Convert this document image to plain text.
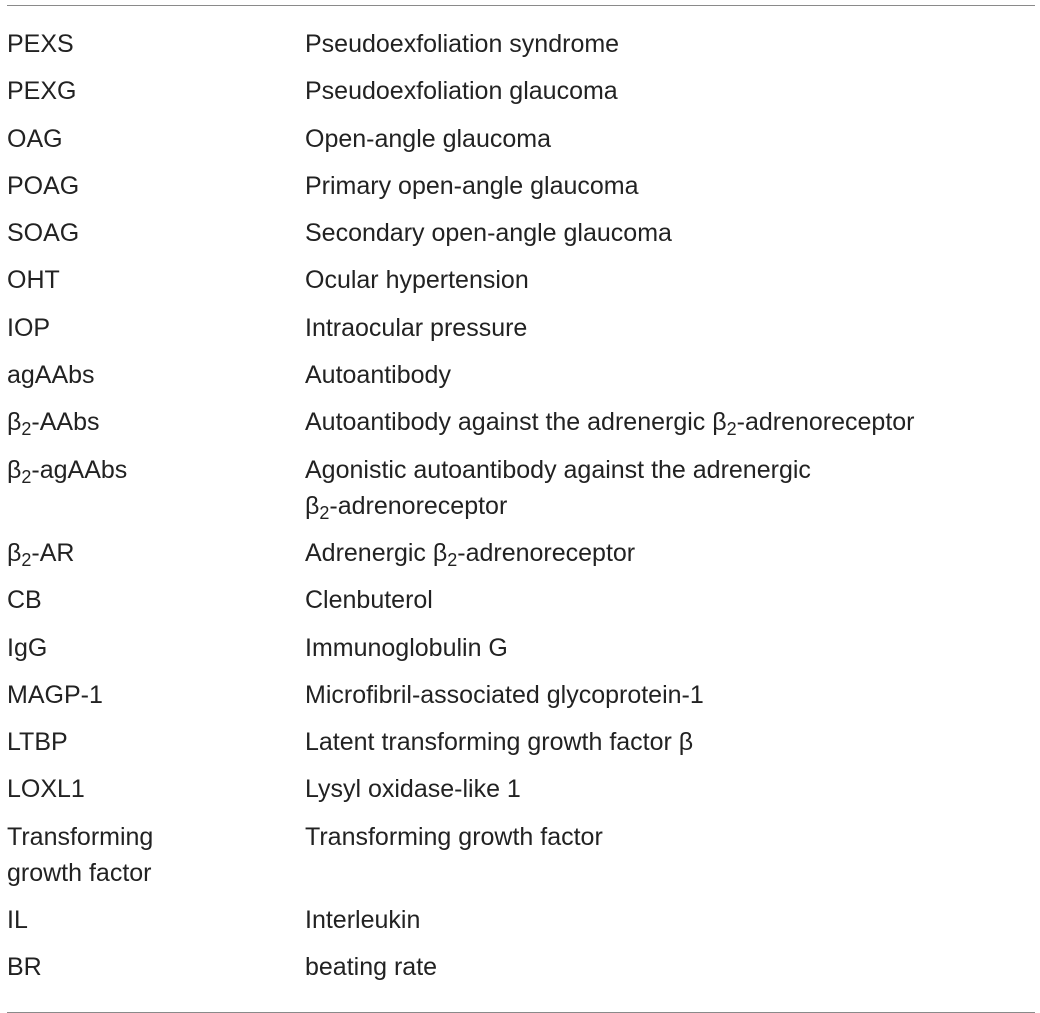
PEXS	Pseudoexfoliation syndrome
PEXG	Pseudoexfoliation glaucoma
OAG	Open-angle glaucoma
POAG	Primary open-angle glaucoma
SOAG	Secondary open-angle glaucoma
OHT	Ocular hypertension
IOP	Intraocular pressure
agAAbs	Autoantibody
$\beta_2$-AAbs	Autoantibody against the adrenergic $\beta_2$-adrenoreceptor
$\beta_2$-agAAbs	Agonistic autoantibody against the adrenergic
$\beta_2$-adrenoreceptor
$\beta_2-AR$	Adrenergic $\beta_2$-adrenoreceptor
CB	Clenbuterol
IgG	Immunoglobulin G
MAGP-1	Microfibril-associated glycoprotein-1
LTBP	Latent transforming growth factor β
LOXL1	Lysyl oxidase-like 1
Transforming
growth factor	Transforming growth factor
IL	Interleukin
BR	beating rate
